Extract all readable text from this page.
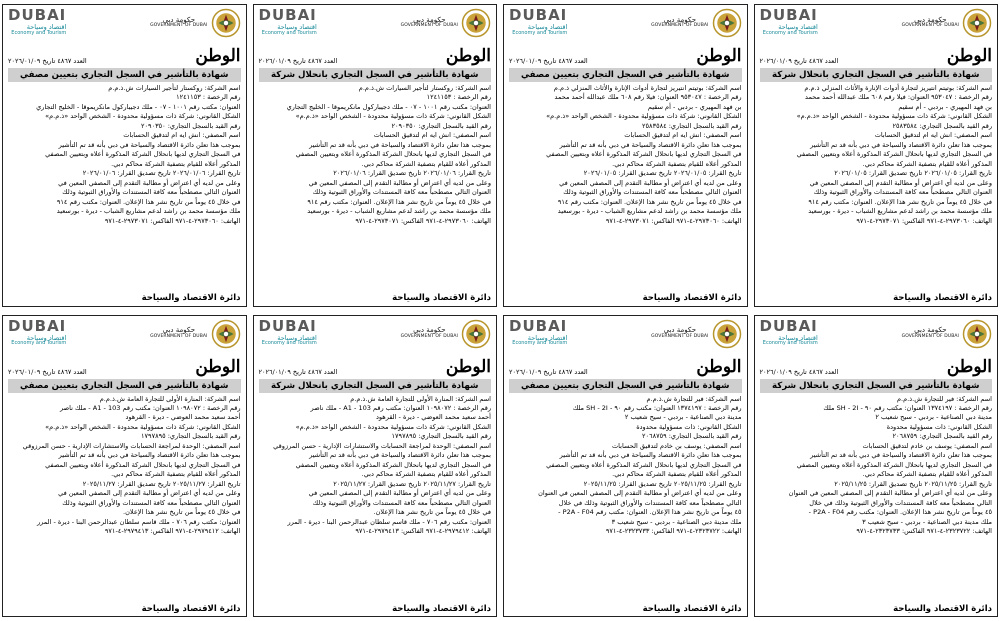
حكومة دبي
GOVERNMENT OF DUBAI
DUBAI
اقتصاد وسياحة
Economy and Tourism
الوطن
العدد ٤٨٦٧ تاريخ ٢٠٢٦/٠١/٠٩
شهادة بالتأشير في السجل التجاري بانحلال شركة

اسم الشركة: بوتيتم انتيريز لتجارة أدوات الإنارة والأثاث المنزلي ذ.م.م

رقم الرخصة : ٩٥٣٠٤٧ العنوان: فيلا رقم ٦٠٨ ملك عبدالله أحمد محمد

بن فهد المهيري - بردبي - أم سقيم

الشكل القانوني: شركة ذات مسؤولية محدودة - الشخص الواحد «ذ.م.م»

رقم القيد بالسجل التجاري: ٢٥٨٣٥٨٤

اسم المصفي: انش ايه ام لتدقيق الحسابات

بموجب هذا تعلن دائرة الاقتصاد والسياحة في دبي بأنه قد تم التأشير

في السجل التجاري لديها بانحلال الشركة المذكورة أعلاه وبتعيين المصفي

المذكور أعلاه للقيام بتصفية الشركة محاكم دبي.

تاريخ القرار: ٢٠٢٦/٠١/٠٥ تاريخ تصديق القرار: ٢٠٢٦/٠١/٠٥

وعلى من لديه أي اعتراض أو مطالبة التقدم إلى المصفي المعين في

العنوان التالي مصطحباً معه كافة المستندات والأوراق الثبوتية وذلك

في خلال ٤٥ يوماً من تاريخ نشر هذا الإعلان. العنوان: مكتب رقم ٩١٤

ملك مؤسسة محمد بن راشد لدعم مشاريع الشباب - ديرة - بورسعيد

الهاتف: ٢٩٧٣٠٦٠-٤-٩٧١ الفاكس: ٢٩٧٣٠٧١-٤-٩٧١

دائرة الاقتصاد والسياحة
حكومة دبي
GOVERNMENT OF DUBAI
DUBAI
اقتصاد وسياحة
Economy and Tourism
الوطن
العدد ٤٨٦٧ تاريخ ٢٠٢٦/٠١/٠٩
شهادة بالتأشير في السجل التجاري بتعيين مصفي

اسم الشركة: بوتيتم انتيريز لتجارة أدوات الإنارة والأثاث المنزلي ذ.م.م

رقم الرخصة : ٩٥٣٠٤٧ العنوان: فيلا رقم ٦٠٨ ملك عبدالله أحمد محمد

بن فهد المهيري - بردبي - أم سقيم

الشكل القانوني: شركة ذات مسؤولية محدودة - الشخص الواحد «ذ.م.م»

رقم القيد بالسجل التجاري: ٢٥٨٣٥٨٤

اسم المصفي: انش ايه ام لتدقيق الحسابات

بموجب هذا تعلن دائرة الاقتصاد والسياحة في دبي بأنه قد تم التأشير

في السجل التجاري لديها بانحلال الشركة المذكورة أعلاه وبتعيين المصفي

المذكور أعلاه للقيام بتصفية الشركة محاكم دبي.

تاريخ القرار: ٢٠٢٦/٠١/٠٥ تاريخ تصديق القرار: ٢٠٢٦/٠١/٠٥

وعلى من لديه أي اعتراض أو مطالبة التقدم إلى المصفي المعين في

العنوان التالي مصطحباً معه كافة المستندات والأوراق الثبوتية وذلك

في خلال ٤٥ يوماً من تاريخ نشر هذا الإعلان. العنوان: مكتب رقم ٩١٤

ملك مؤسسة محمد بن راشد لدعم مشاريع الشباب - ديرة - بورسعيد

الهاتف: ٢٩٧٣٠٦٠-٤-٩٧١ الفاكس: ٢٩٧٣٠٧١-٤-٩٧١

دائرة الاقتصاد والسياحة
حكومة دبي
GOVERNMENT OF DUBAI
DUBAI
اقتصاد وسياحة
Economy and Tourism
الوطن
العدد ٤٨٦٧ تاريخ ٢٠٢٦/٠١/٠٩
شهادة بالتأشير في السجل التجاري بانحلال شركة

اسم الشركة: روكستار لتأجير السيارات ش.ذ.م.م

رقم الرخصة : ١٢٤١١٥٣

العنوان: مكتب رقم ١٠٠١ - ٠٧ - ملك دجيباركول مانكريموقا - الخليج التجاري

الشكل القانوني: شركة ذات مسؤولية محدودة - الشخص الواحد «ذ.م.م»

رقم القيد بالسجل التجاري: ٢٠٩٠٣٥٠

اسم المصفي: انش ايه ام لتدقيق الحسابات

بموجب هذا تعلن دائرة الاقتصاد والسياحة في دبي بأنه قد تم التأشير

في السجل التجاري لديها بانحلال الشركة المذكورة أعلاه وبتعيين المصفي

المذكور أعلاه للقيام بتصفية الشركة محاكم دبي.

تاريخ القرار: ٢٠٢٦/٠١/٠٦ تاريخ تصديق القرار: ٢٠٢٦/٠١/٠٦

وعلى من لديه أي اعتراض أو مطالبة التقدم إلى المصفي المعين في

العنوان التالي مصطحباً معه كافة المستندات والأوراق الثبوتية وذلك

في خلال ٤٥ يوماً من تاريخ نشر هذا الإعلان. العنوان: مكتب رقم ٩١٤

ملك مؤسسة محمد بن راشد لدعم مشاريع الشباب - ديرة - بورسعيد

الهاتف: ٢٩٧٣٠٦٠-٤-٩٧١ الفاكس: ٢٩٧٣٠٧١-٤-٩٧١

دائرة الاقتصاد والسياحة
حكومة دبي
GOVERNMENT OF DUBAI
DUBAI
اقتصاد وسياحة
Economy and Tourism
الوطن
العدد ٤٨٦٧ تاريخ ٢٠٢٦/٠١/٠٩
شهادة بالتأشير في السجل التجاري بتعيين مصفي

اسم الشركة: روكستار لتأجير السيارات ش.ذ.م.م

رقم الرخصة : ١٢٤١١٥٣

العنوان: مكتب رقم ١٠٠١ - ٠٧ - ملك دجيباركول مانكريموقا - الخليج التجاري

الشكل القانوني: شركة ذات مسؤولية محدودة - الشخص الواحد «ذ.م.م»

رقم القيد بالسجل التجاري: ٢٠٩٠٣٥٠

اسم المصفي: انش ايه ام لتدقيق الحسابات

بموجب هذا تعلن دائرة الاقتصاد والسياحة في دبي بأنه قد تم التأشير

في السجل التجاري لديها بانحلال الشركة المذكورة أعلاه وبتعيين المصفي

المذكور أعلاه للقيام بتصفية الشركة محاكم دبي.

تاريخ القرار: ٢٠٢٦/٠١/٠٦ تاريخ تصديق القرار: ٢٠٢٦/٠١/٠٦

وعلى من لديه أي اعتراض أو مطالبة التقدم إلى المصفي المعين في

العنوان التالي مصطحباً معه كافة المستندات والأوراق الثبوتية وذلك

في خلال ٤٥ يوماً من تاريخ نشر هذا الإعلان. العنوان: مكتب رقم ٩١٤

ملك مؤسسة محمد بن راشد لدعم مشاريع الشباب - ديرة - بورسعيد

الهاتف: ٢٩٧٣٠٦٠-٤-٩٧١ الفاكس: ٢٩٧٣٠٧١-٤-٩٧١

دائرة الاقتصاد والسياحة
حكومة دبي
GOVERNMENT OF DUBAI
DUBAI
اقتصاد وسياحة
Economy and Tourism
الوطن
العدد ٤٨٦٧ تاريخ ٢٠٢٦/٠١/٠٩
شهادة بالتأشير في السجل التجاري بانحلال شركة

اسم الشركة: فير للتجارة ش.ذ.م.م

رقم الرخصة : ١٣٧٤١٩٧ العنوان: مكتب رقم ٩٠ - SH - 2I ملك

مدينة دبي الصناعية - بردبي - سيح شعيب ٢

الشكل القانوني: ذات مسؤولية محدودة

رقم القيد بالسجل التجاري: ٢٠٦٨٧٥٩

اسم المصفي: يوسف بن خادم لتدقيق الحسابات

بموجب هذا تعلن دائرة الاقتصاد والسياحة في دبي بأنه قد تم التأشير

في السجل التجاري لديها بانحلال الشركة المذكورة أعلاه وبتعيين المصفي

المذكور أعلاه للقيام بتصفية الشركة محاكم دبي.

تاريخ القرار: ٢٠٢٥/١١/٢٥ تاريخ تصديق القرار: ٢٠٢٥/١١/٢٥

وعلى من لديه أي اعتراض أو مطالبة التقدم إلى المصفي المعين في العنوان

التالي مصطحباً معه كافة المستندات والأوراق الثبوتية وذلك في خلال

٤٥ يوماً من تاريخ نشر هذا الإعلان. العنوان: مكتب رقم P2A - F04 -

ملك مدينة دبي الصناعية - بردبي - سيح شعيب ٣

الهاتف: ٢٣٢٣٧٢٢-٤-٩٧١ الفاكس: ٢٣٢٣٧٣٣-٤-٩٧١

دائرة الاقتصاد والسياحة
حكومة دبي
GOVERNMENT OF DUBAI
DUBAI
اقتصاد وسياحة
Economy and Tourism
الوطن
العدد ٤٨٦٧ تاريخ ٢٠٢٦/٠١/٠٩
شهادة بالتأشير في السجل التجاري بتعيين مصفي

اسم الشركة: فير للتجارة ش.ذ.م.م

رقم الرخصة : ١٣٧٤١٩٧ العنوان: مكتب رقم ٩٠ - SH - 2I ملك

مدينة دبي الصناعية - بردبي - سيح شعيب ٢

الشكل القانوني: ذات مسؤولية محدودة

رقم القيد بالسجل التجاري: ٢٠٦٨٧٥٩

اسم المصفي: يوسف بن خادم لتدقيق الحسابات

بموجب هذا تعلن دائرة الاقتصاد والسياحة في دبي بأنه قد تم التأشير

في السجل التجاري لديها بانحلال الشركة المذكورة أعلاه وبتعيين المصفي

المذكور أعلاه للقيام بتصفية الشركة محاكم دبي.

تاريخ القرار: ٢٠٢٥/١١/٢٥ تاريخ تصديق القرار: ٢٠٢٥/١١/٢٥

وعلى من لديه أي اعتراض أو مطالبة التقدم إلى المصفي المعين في العنوان

التالي مصطحباً معه كافة المستندات والأوراق الثبوتية وذلك في خلال

٤٥ يوماً من تاريخ نشر هذا الإعلان. العنوان: مكتب رقم P2A - F04 -

ملك مدينة دبي الصناعية - بردبي - سيح شعيب ٣

الهاتف: ٢٣٢٣٧٢٢-٤-٩٧١ الفاكس: ٢٣٢٣٧٣٣-٤-٩٧١

دائرة الاقتصاد والسياحة
حكومة دبي
GOVERNMENT OF DUBAI
DUBAI
اقتصاد وسياحة
Economy and Tourism
الوطن
العدد ٤٨٦٧ تاريخ ٢٠٢٦/٠١/٠٩
شهادة بالتأشير في السجل التجاري بانحلال شركة

اسم الشركة: المنارة الأولى للتجارة العامة ش.ذ.م.م

رقم الرخصة : ١٠٩٨٠٧٢ العنوان: مكتب رقم 103 - A1 - ملك ناصر

أحمد سعيد محمد العوضي - ديرة - القرهود

الشكل القانوني: شركة ذات مسؤولية محدودة - الشخص الواحد «ذ.م.م»

رقم القيد بالسجل التجاري: ١٧٩٧٨٩٥

اسم المصفي: الوحدة لمراجعة الحسابات والاستشارات الإدارية - حسن المرزوقي

بموجب هذا تعلن دائرة الاقتصاد والسياحة في دبي بأنه قد تم التأشير

في السجل التجاري لديها بانحلال الشركة المذكورة أعلاه وبتعيين المصفي

المذكور أعلاه للقيام بتصفية الشركة محاكم دبي.

تاريخ القرار: ٢٠٢٥/١١/٢٧ تاريخ تصديق القرار: ٢٠٢٥/١١/٢٧

وعلى من لديه أي اعتراض أو مطالبة التقدم إلى المصفي المعين في

العنوان التالي مصطحباً معه كافة المستندات والأوراق الثبوتية وذلك

في خلال ٤٥ يوماً من تاريخ نشر هذا الإعلان.

العنوان: مكتب رقم ٧٠٦ - ملك قاسم سلطان عبدالرحمن البنا - ديرة - المرر

الهاتف: ٢٩٧٩٤١٢-٤-٩٧١ الفاكس: ٢٩٧٩٤١٣-٤-٩٧١

دائرة الاقتصاد والسياحة
حكومة دبي
GOVERNMENT OF DUBAI
DUBAI
اقتصاد وسياحة
Economy and Tourism
الوطن
العدد ٤٨٦٧ تاريخ ٢٠٢٦/٠١/٠٩
شهادة بالتأشير في السجل التجاري بتعيين مصفي

اسم الشركة: المنارة الأولى للتجارة العامة ش.ذ.م.م

رقم الرخصة : ١٠٩٨٠٧٢ العنوان: مكتب رقم 103 - A1 - ملك ناصر

أحمد سعيد محمد العوضي - ديرة - القرهود

الشكل القانوني: شركة ذات مسؤولية محدودة - الشخص الواحد «ذ.م.م»

رقم القيد بالسجل التجاري: ١٧٩٧٨٩٥

اسم المصفي: الوحدة لمراجعة الحسابات والاستشارات الإدارية - حسن المرزوقي

بموجب هذا تعلن دائرة الاقتصاد والسياحة في دبي بأنه قد تم التأشير

في السجل التجاري لديها بانحلال الشركة المذكورة أعلاه وبتعيين المصفي

المذكور أعلاه للقيام بتصفية الشركة محاكم دبي.

تاريخ القرار: ٢٠٢٥/١١/٢٧ تاريخ تصديق القرار: ٢٠٢٥/١١/٢٧

وعلى من لديه أي اعتراض أو مطالبة التقدم إلى المصفي المعين في

العنوان التالي مصطحباً معه كافة المستندات والأوراق الثبوتية وذلك

في خلال ٤٥ يوماً من تاريخ نشر هذا الإعلان.

العنوان: مكتب رقم ٧٠٦ - ملك قاسم سلطان عبدالرحمن البنا - ديرة - المرر

الهاتف: ٢٩٧٩٤١٢-٤-٩٧١ الفاكس: ٢٩٧٩٤١٣-٤-٩٧١

دائرة الاقتصاد والسياحة
